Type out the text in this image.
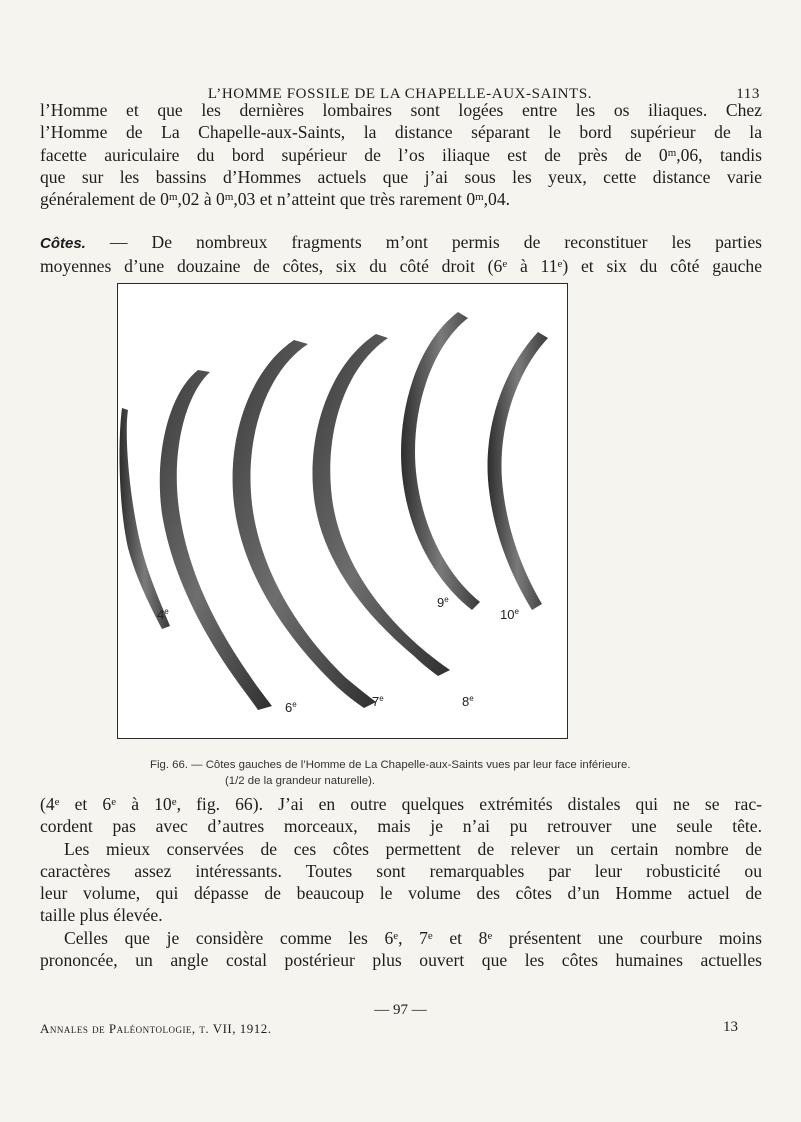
L’HOMME FOSSILE DE LA CHAPELLE-AUX-SAINTS.	113

l’Homme et que les dernières lombaires sont logées entre les os iliaques. Chez
l’Homme de La Chapelle-aux-Saints, la distance séparant le bord supérieur de la
facette auriculaire du bord supérieur de l’os iliaque est de près de 0$^m$,06, tandis
que sur les bassins d’Hommes actuels que j’ai sous les yeux, cette distance varie
généralement de 0$^m$,02 à 0$^m$,03 et n’atteint que très rarement 0$^m$,04.

Côtes. — De nombreux fragments m’ont permis de reconstituer les parties
moyennes d’une douzaine de côtes, six du côté droit (6e à 11e) et six du côté gauche

4e
6e	7e	8e
9e
10e
Fig. 66. — Côtes gauches de l’Homme de La Chapelle-aux-Saints vues par leur face inférieure.
(1/2 de la grandeur naturelle).

(4e et 6e à 10e, fig. 66). J’ai en outre quelques extrémités distales qui ne se rac-
cordent pas avec d’autres morceaux, mais je n’ai pu retrouver une seule tête.
Les mieux conservées de ces côtes permettent de relever un certain nombre de
caractères assez intéressants. Toutes sont remarquables par leur robusticité ou
leur volume, qui dépasse de beaucoup le volume des côtes d’un Homme actuel de
taille plus élevée.
Celles que je considère comme les 6e, 7e et 8e présentent une courbure moins
prononcée, un angle costal postérieur plus ouvert que les côtes humaines actuelles

— 97 —
Annales de Paléontologie, t. VII, 1912.	13
